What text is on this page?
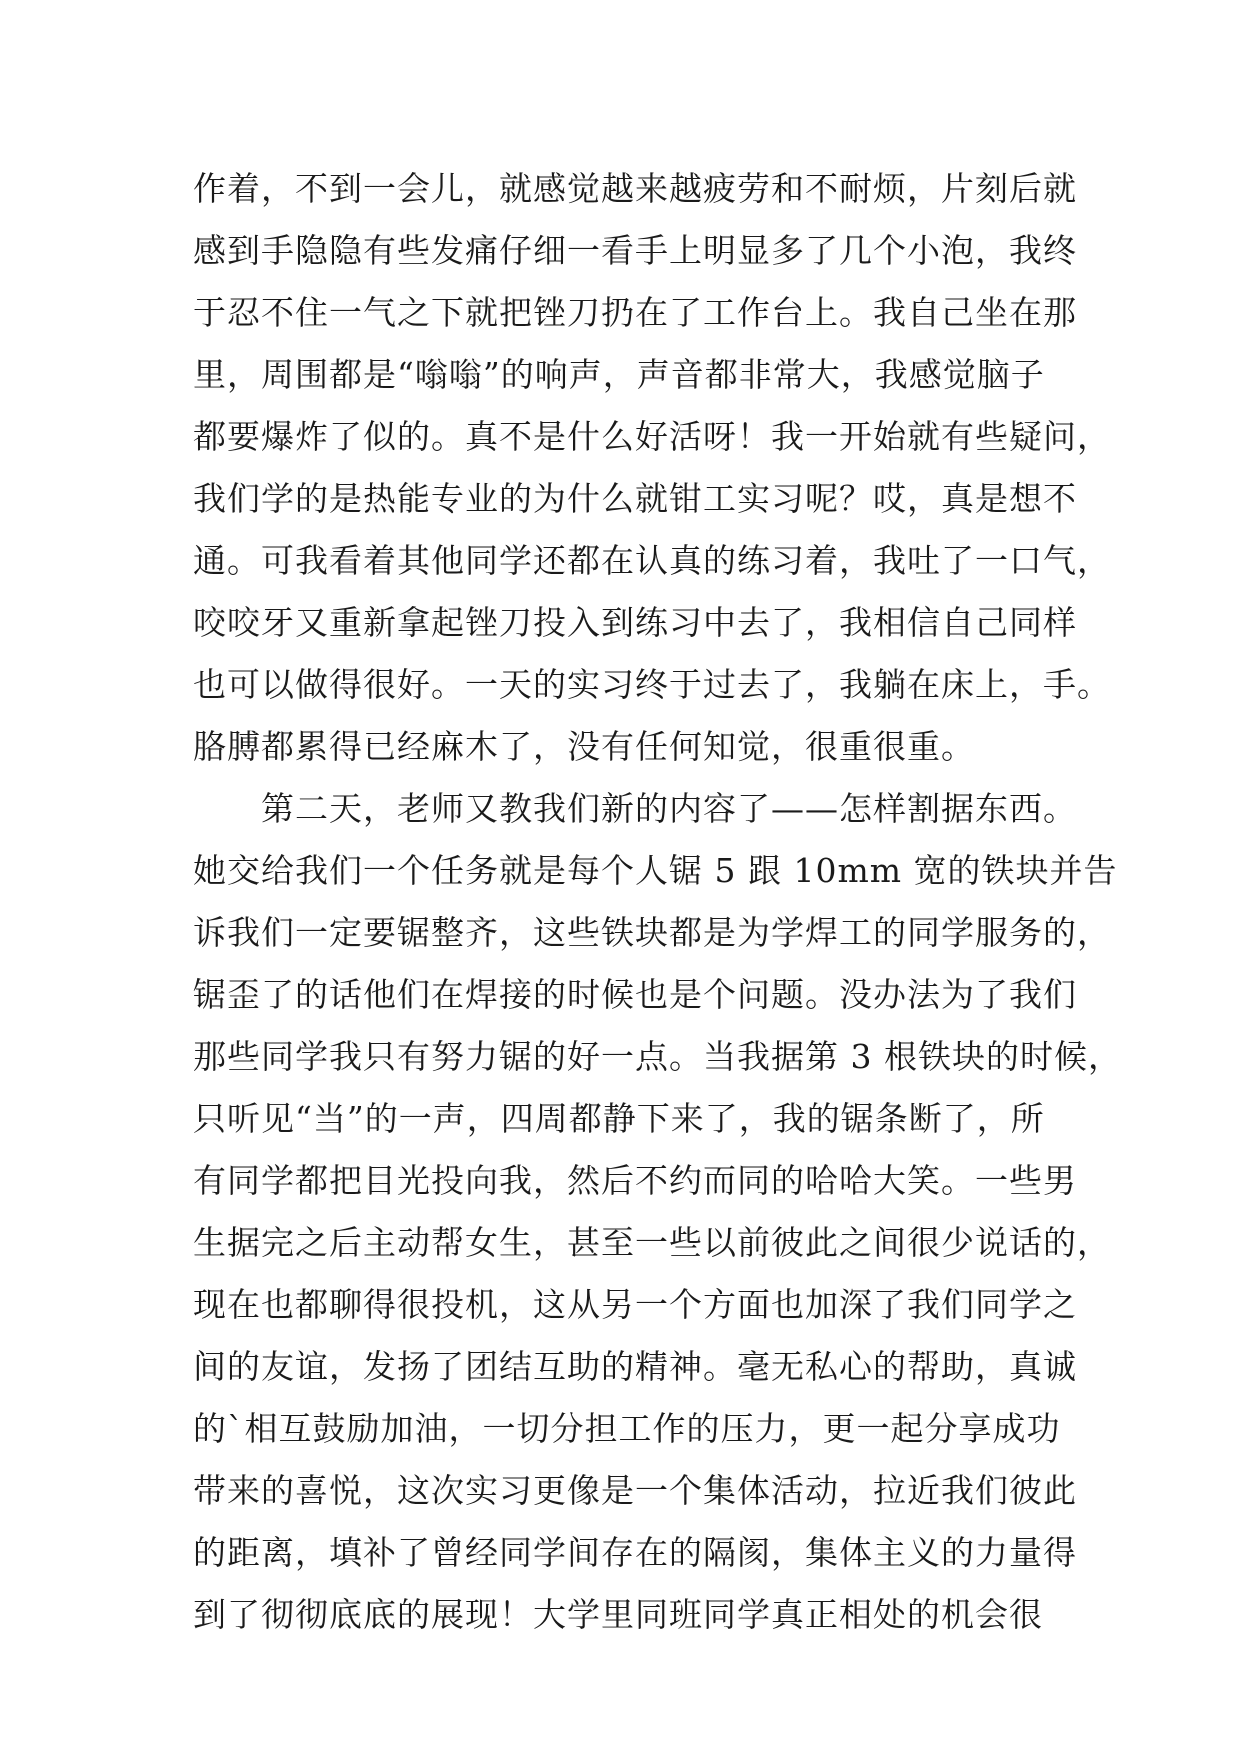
作着，不到一会儿，就感觉越来越疲劳和不耐烦，片刻后就
感到手隐隐有些发痛仔细一看手上明显多了几个小泡，我终
于忍不住一气之下就把锉刀扔在了工作台上。我自己坐在那
里，周围都是“嗡嗡”的响声，声音都非常大，我感觉脑子
都要爆炸了似的。真不是什么好活呀！我一开始就有些疑问，
我们学的是热能专业的为什么就钳工实习呢？哎，真是想不
通。可我看着其他同学还都在认真的练习着，我吐了一口气，
咬咬牙又重新拿起锉刀投入到练习中去了，我相信自己同样
也可以做得很好。一天的实习终于过去了，我躺在床上，手。
胳膊都累得已经麻木了，没有任何知觉，很重很重。
　　第二天，老师又教我们新的内容了——怎样割据东西。
她交给我们一个任务就是每个人锯 5 跟 10mm 宽的铁块并告
诉我们一定要锯整齐，这些铁块都是为学焊工的同学服务的，
锯歪了的话他们在焊接的时候也是个问题。没办法为了我们
那些同学我只有努力锯的好一点。当我据第 3 根铁块的时候，
只听见“当”的一声，四周都静下来了，我的锯条断了，所
有同学都把目光投向我，然后不约而同的哈哈大笑。一些男
生据完之后主动帮女生，甚至一些以前彼此之间很少说话的，
现在也都聊得很投机，这从另一个方面也加深了我们同学之
间的友谊，发扬了团结互助的精神。毫无私心的帮助，真诚
的`相互鼓励加油，一切分担工作的压力，更一起分享成功
带来的喜悦，这次实习更像是一个集体活动，拉近我们彼此
的距离，填补了曾经同学间存在的隔阂，集体主义的力量得
到了彻彻底底的展现！大学里同班同学真正相处的机会很
